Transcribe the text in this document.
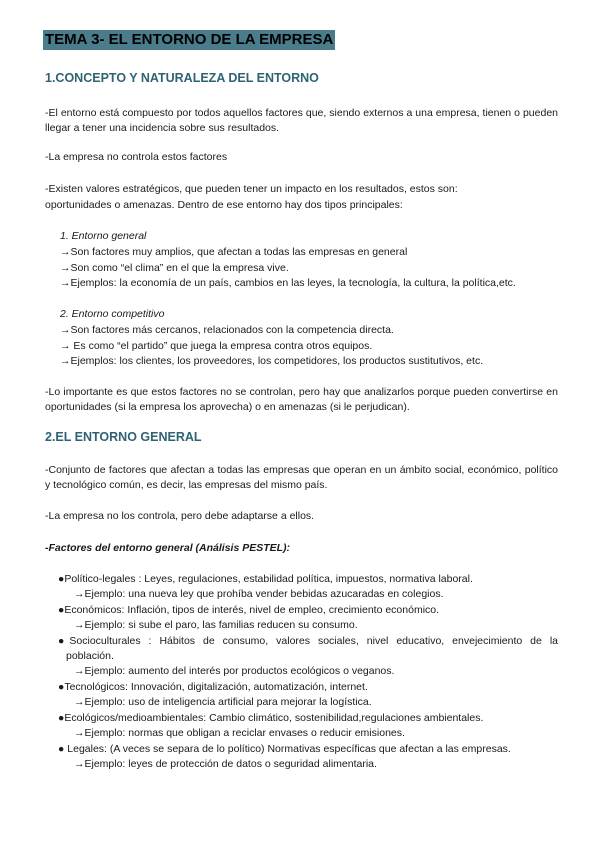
TEMA 3- EL ENTORNO DE LA EMPRESA
1.CONCEPTO Y NATURALEZA DEL ENTORNO
-El entorno está compuesto por todos aquellos factores que, siendo externos a una empresa, tienen o pueden llegar a tener una incidencia sobre sus resultados.
-La empresa no controla estos factores
-Existen valores estratégicos, que pueden tener un impacto en los resultados, estos son:
oportunidades o amenazas. Dentro de ese entorno hay dos tipos principales:
1. Entorno general
→Son factores muy amplios, que afectan a todas las empresas en general
→Son como “el clima” en el que la empresa vive.
→Ejemplos: la economía de un país, cambios en las leyes, la tecnología, la cultura, la política,etc.
2. Entorno competitivo
→Son factores más cercanos, relacionados con la competencia directa.
→ Es como “el partido” que juega la empresa contra otros equipos.
→Ejemplos: los clientes, los proveedores, los competidores, los productos sustitutivos, etc.
-Lo importante es que estos factores no se controlan, pero hay que analizarlos porque pueden convertirse en oportunidades (si la empresa los aprovecha) o en amenazas (si le perjudican).
2.EL ENTORNO GENERAL
-Conjunto de factores que afectan a todas las empresas que operan en un ámbito social, económico, político y tecnológico común, es decir, las empresas del mismo país.
-La empresa no los controla, pero debe adaptarse a ellos.
-Factores del entorno general (Análisis PESTEL):
●Político-legales : Leyes, regulaciones, estabilidad política, impuestos, normativa laboral.
→Ejemplo: una nueva ley que prohíba vender bebidas azucaradas en colegios.
●Económicos: Inflación, tipos de interés, nivel de empleo, crecimiento económico.
→Ejemplo: si sube el paro, las familias reducen su consumo.
●Socioculturales : Hábitos de consumo, valores sociales, nivel educativo, envejecimiento de la
población.
→Ejemplo: aumento del interés por productos ecológicos o veganos.
●Tecnológicos: Innovación, digitalización, automatización, internet.
→Ejemplo: uso de inteligencia artificial para mejorar la logística.
●Ecológicos/medioambientales: Cambio climático, sostenibilidad,regulaciones ambientales.
→Ejemplo: normas que obligan a reciclar envases o reducir emisiones.
● Legales: (A veces se separa de lo político) Normativas específicas que afectan a las empresas.
→Ejemplo: leyes de protección de datos o seguridad alimentaria.
